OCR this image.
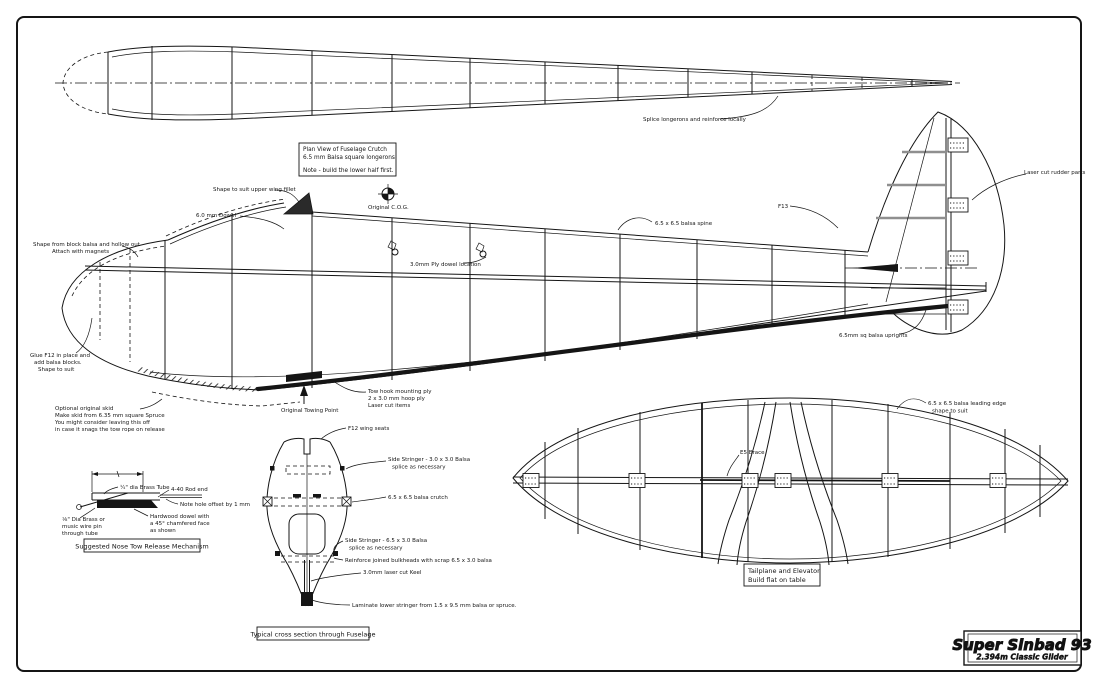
Splice longerons and reinforce locally
Plan View of Fuselage Crutch
6.5 mm Balsa square longerons
Note - build the lower half first.
Shape to suit upper wing fillet
6.0 mm Dowel
Original C.O.G.
Shape from block balsa and hollow out
Attach with magnets
Glue F12 in place and
add balsa blocks.
Shape to suit
Optional original skid
Make skid from 6.35 mm square Spruce
You might consider leaving this off
in case it snags the tow rope on release
3.0mm Ply dowel location
6.5 x 6.5 balsa spine
F13
Laser cut rudder parts
6.5mm sq balsa uprights
Tow hook mounting ply
2 x 3.0 mm hoop ply
Laser cut items
Original Towing Point
¼" dia Brass Tube 4-40 Rod end
Note hole offset by 1 mm
⅛" Dia Brass or
music wire pin
through tube
Hardwood dowel with
a 45° chamfered face
as shown
Suggested Nose Tow Release Mechanism
F12 wing seats
Side Stringer - 3.0 x 3.0 Balsa
splice as necessary
6.5 x 6.5 balsa crutch
Side Stringer - 6.5 x 3.0 Balsa
splice as necessary
Reinforce joined bulkheads with scrap 6.5 x 3.0 balsa
3.0mm laser cut Keel
Laminate lower stringer from 1.5 x 9.5 mm balsa or spruce.
Typical cross section through Fuselage
E5 Brace
6.5 x 6.5 balsa leading edge
shape to suit
Tailplane and Elevator
Build flat on table
Super Sinbad 93
2.394m Classic Glider
